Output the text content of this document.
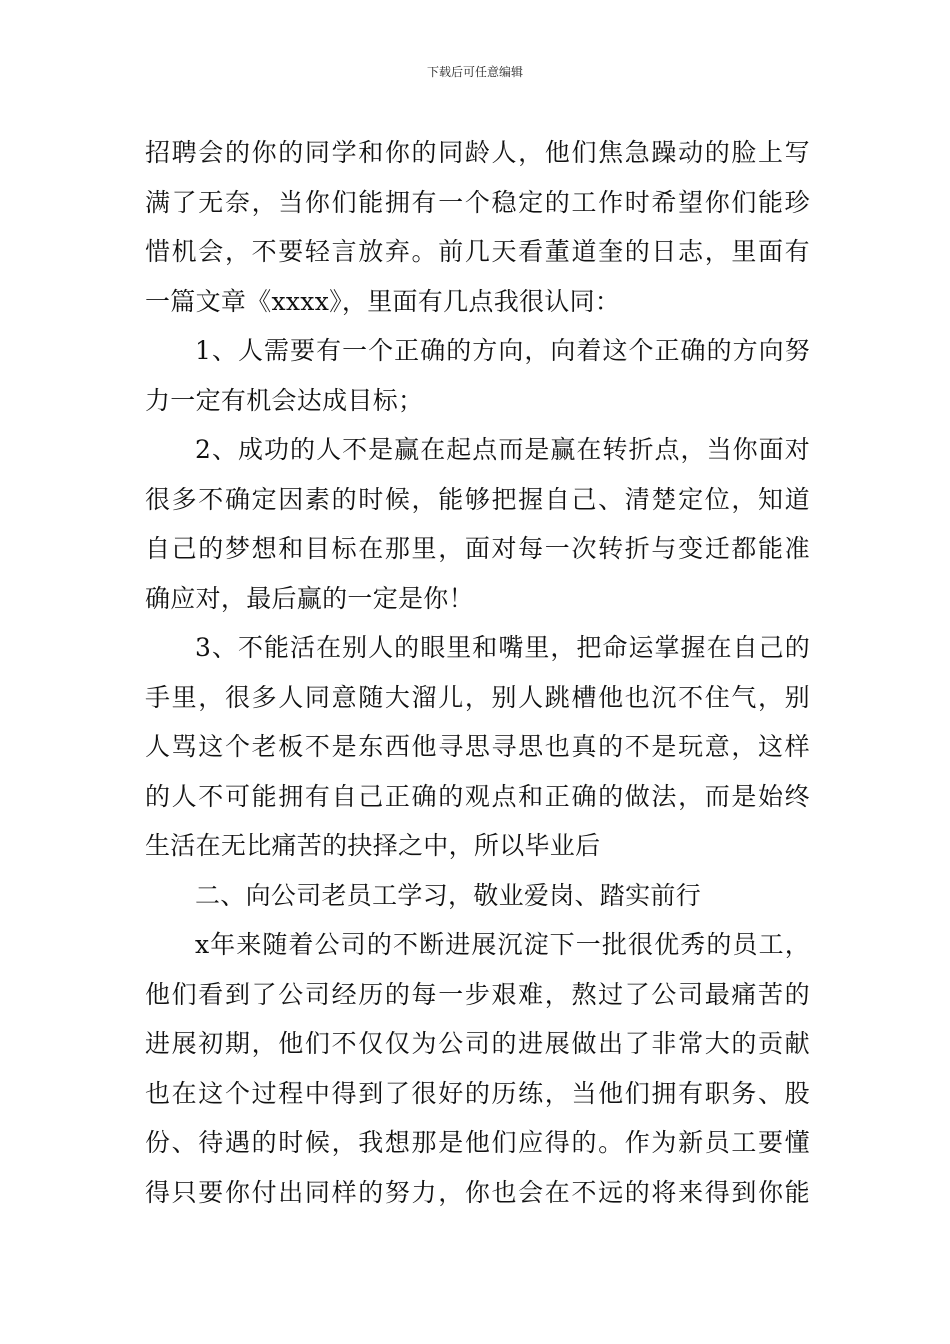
下载后可任意编辑
招聘会的你的同学和你的同龄人，他们焦急躁动的脸上写
满了无奈，当你们能拥有一个稳定的工作时希望你们能珍
惜机会，不要轻言放弃。前几天看董道奎的日志，里面有
一篇文章《xxxx》，里面有几点我很认同：
1、人需要有一个正确的方向，向着这个正确的方向努
力一定有机会达成目标；
2、成功的人不是赢在起点而是赢在转折点，当你面对
很多不确定因素的时候，能够把握自己、清楚定位，知道
自己的梦想和目标在那里，面对每一次转折与变迁都能准
确应对，最后赢的一定是你！
3、不能活在别人的眼里和嘴里，把命运掌握在自己的
手里，很多人同意随大溜儿，别人跳槽他也沉不住气，别
人骂这个老板不是东西他寻思寻思也真的不是玩意，这样
的人不可能拥有自己正确的观点和正确的做法，而是始终
生活在无比痛苦的抉择之中，所以毕业后
二、向公司老员工学习，敬业爱岗、踏实前行
x年来随着公司的不断进展沉淀下一批很优秀的员工，
他们看到了公司经历的每一步艰难，熬过了公司最痛苦的
进展初期，他们不仅仅为公司的进展做出了非常大的贡献
也在这个过程中得到了很好的历练，当他们拥有职务、股
份、待遇的时候，我想那是他们应得的。作为新员工要懂
得只要你付出同样的努力，你也会在不远的将来得到你能
